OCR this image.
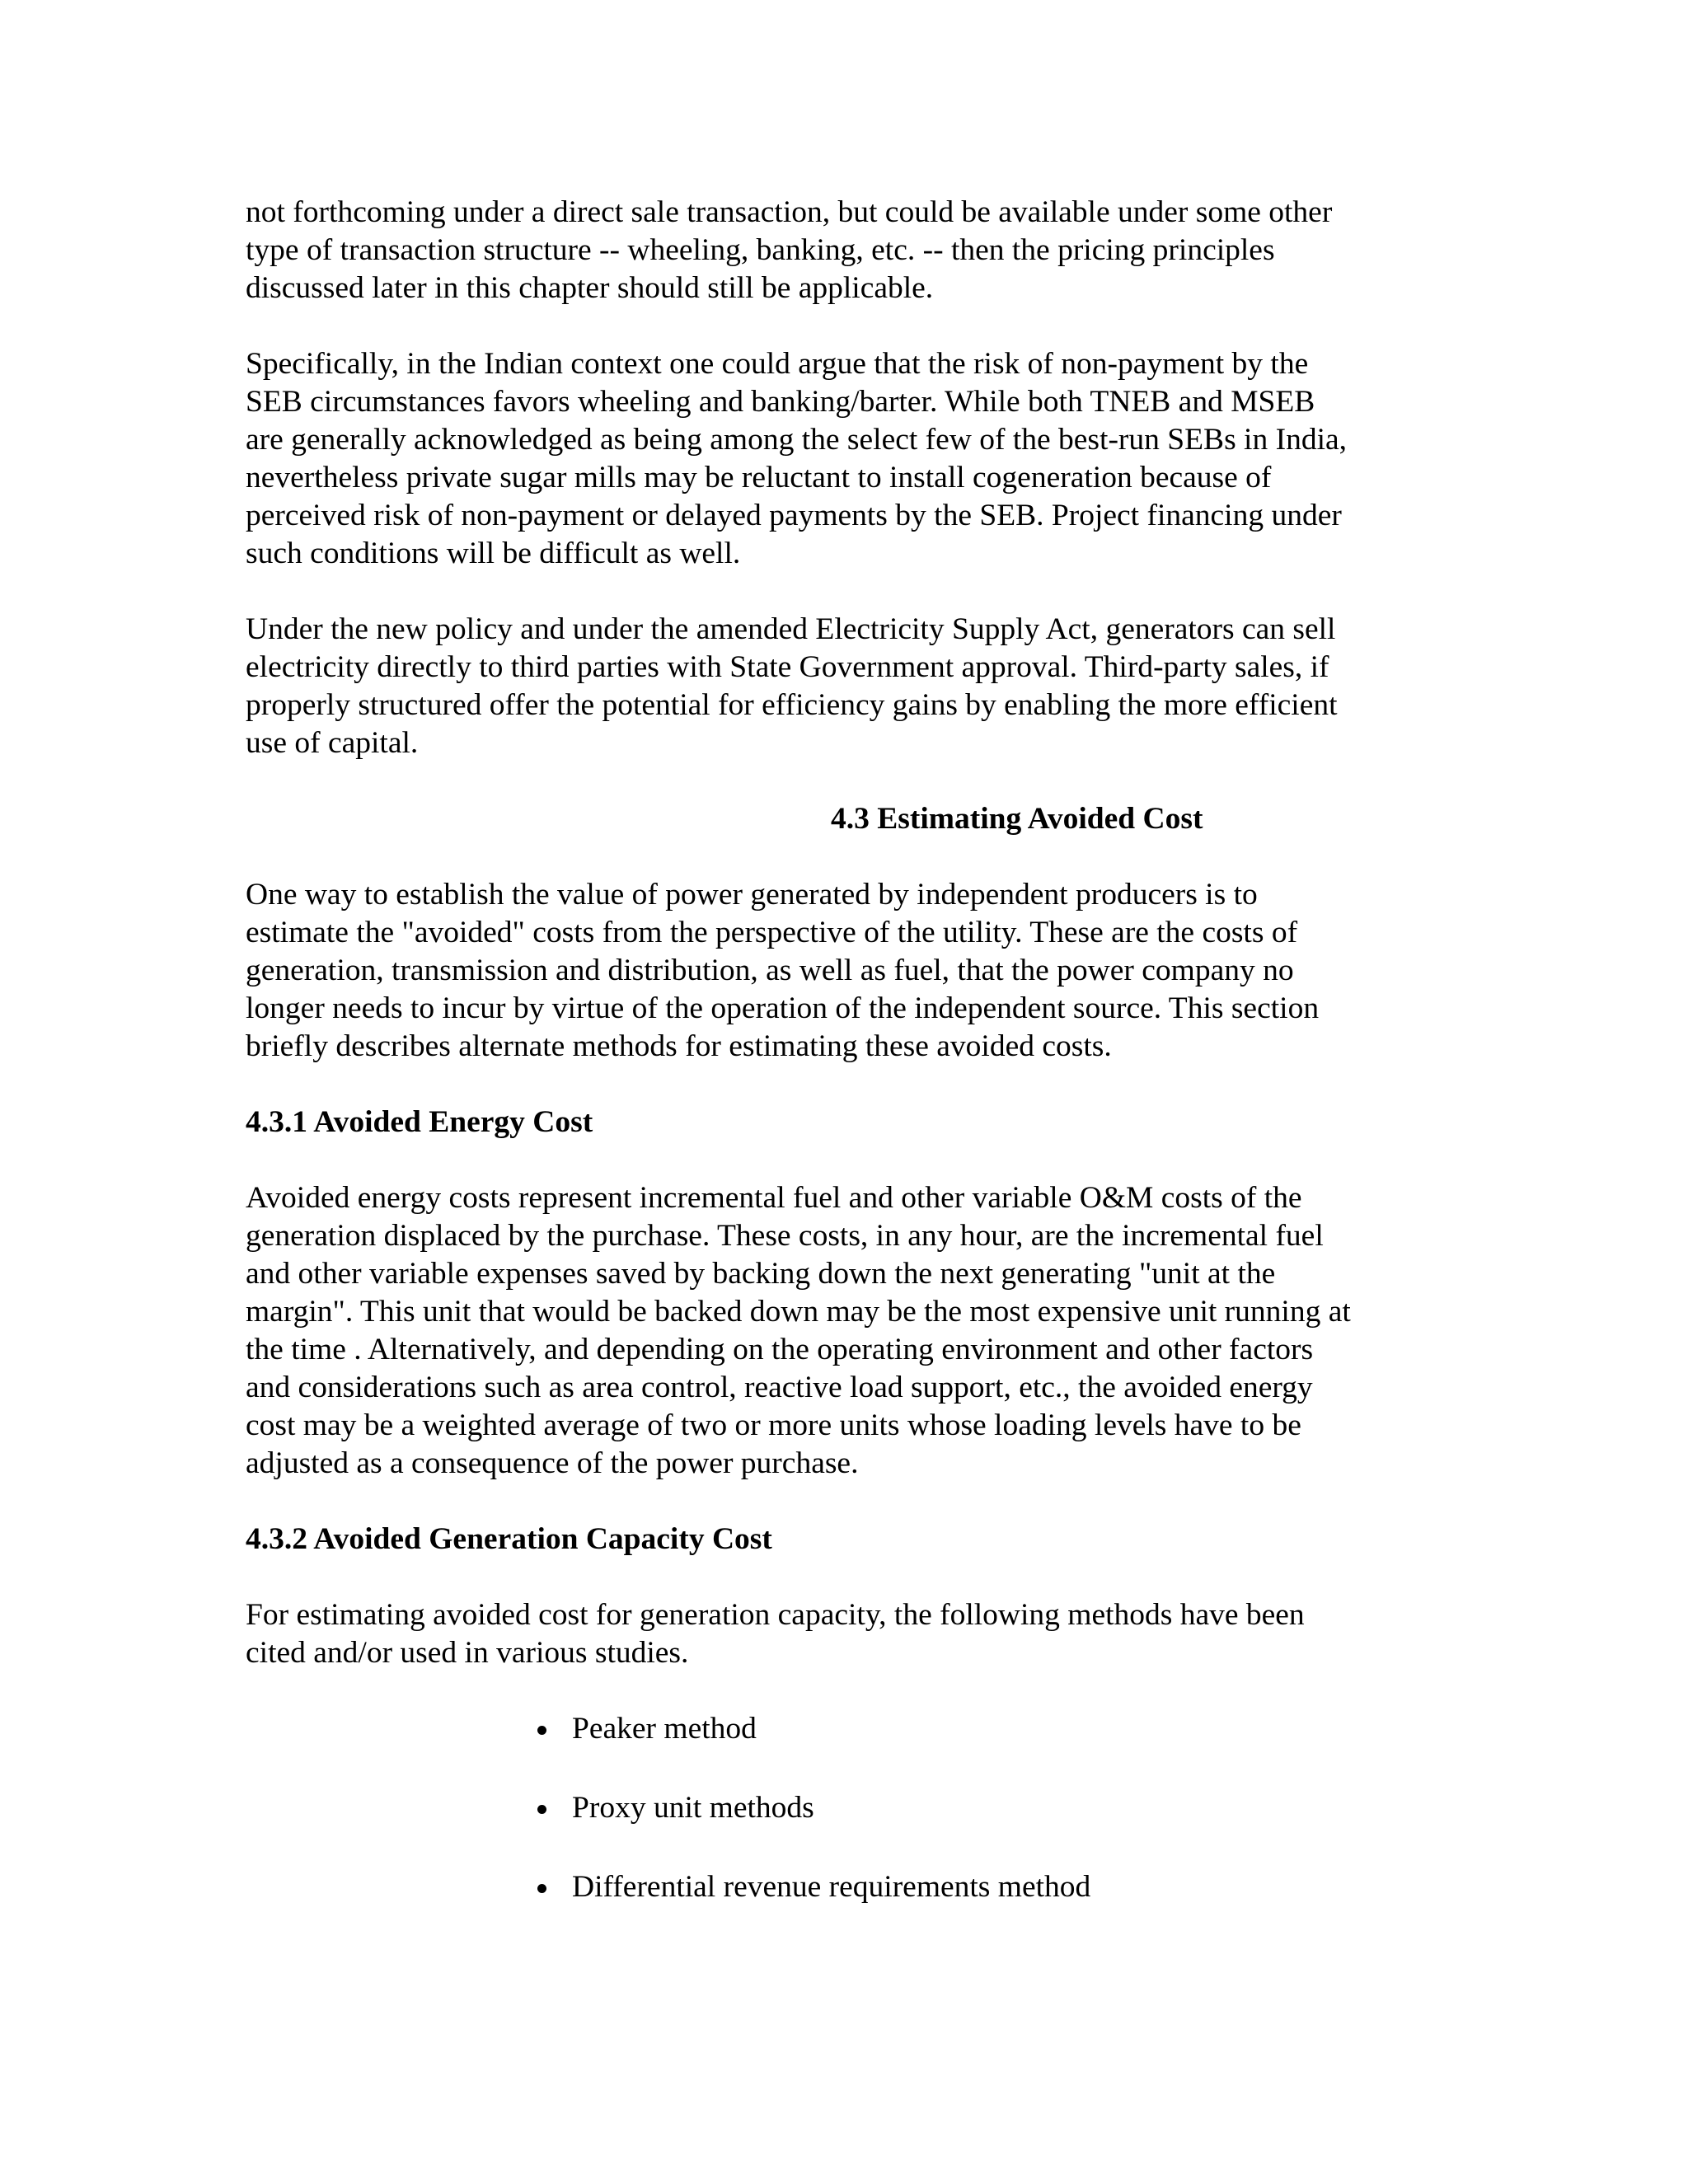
not forthcoming under a direct sale transaction, but could be available under some other
type of transaction structure -- wheeling, banking, etc. -- then the pricing principles
discussed later in this chapter should still be applicable.

Specifically, in the Indian context one could argue that the risk of non-payment by the
SEB circumstances favors wheeling and banking/barter. While both TNEB and MSEB
are generally acknowledged as being among the select few of the best-run SEBs in India,
nevertheless private sugar mills may be reluctant to install cogeneration because of
perceived risk of non-payment or delayed payments by the SEB. Project financing under
such conditions will be difficult as well.

Under the new policy and under the amended Electricity Supply Act, generators can sell
electricity directly to third parties with State Government approval. Third-party sales, if
properly structured offer the potential for efficiency gains by enabling the more efficient
use of capital.

4.3 Estimating Avoided Cost

One way to establish the value of power generated by independent producers is to
estimate the "avoided" costs from the perspective of the utility. These are the costs of
generation, transmission and distribution, as well as fuel, that the power company no
longer needs to incur by virtue of the operation of the independent source. This section
briefly describes alternate methods for estimating these avoided costs.

4.3.1 Avoided Energy Cost

Avoided energy costs represent incremental fuel and other variable O&M costs of the
generation displaced by the purchase. These costs, in any hour, are the incremental fuel
and other variable expenses saved by backing down the next generating "unit at the
margin". This unit that would be backed down may be the most expensive unit running at
the time . Alternatively, and depending on the operating environment and other factors
and considerations such as area control, reactive load support, etc., the avoided energy
cost may be a weighted average of two or more units whose loading levels have to be
adjusted as a consequence of the power purchase.

4.3.2 Avoided Generation Capacity Cost

For estimating avoided cost for generation capacity, the following methods have been
cited and/or used in various studies.

Peaker method
Proxy unit methods
Differential revenue requirements method
